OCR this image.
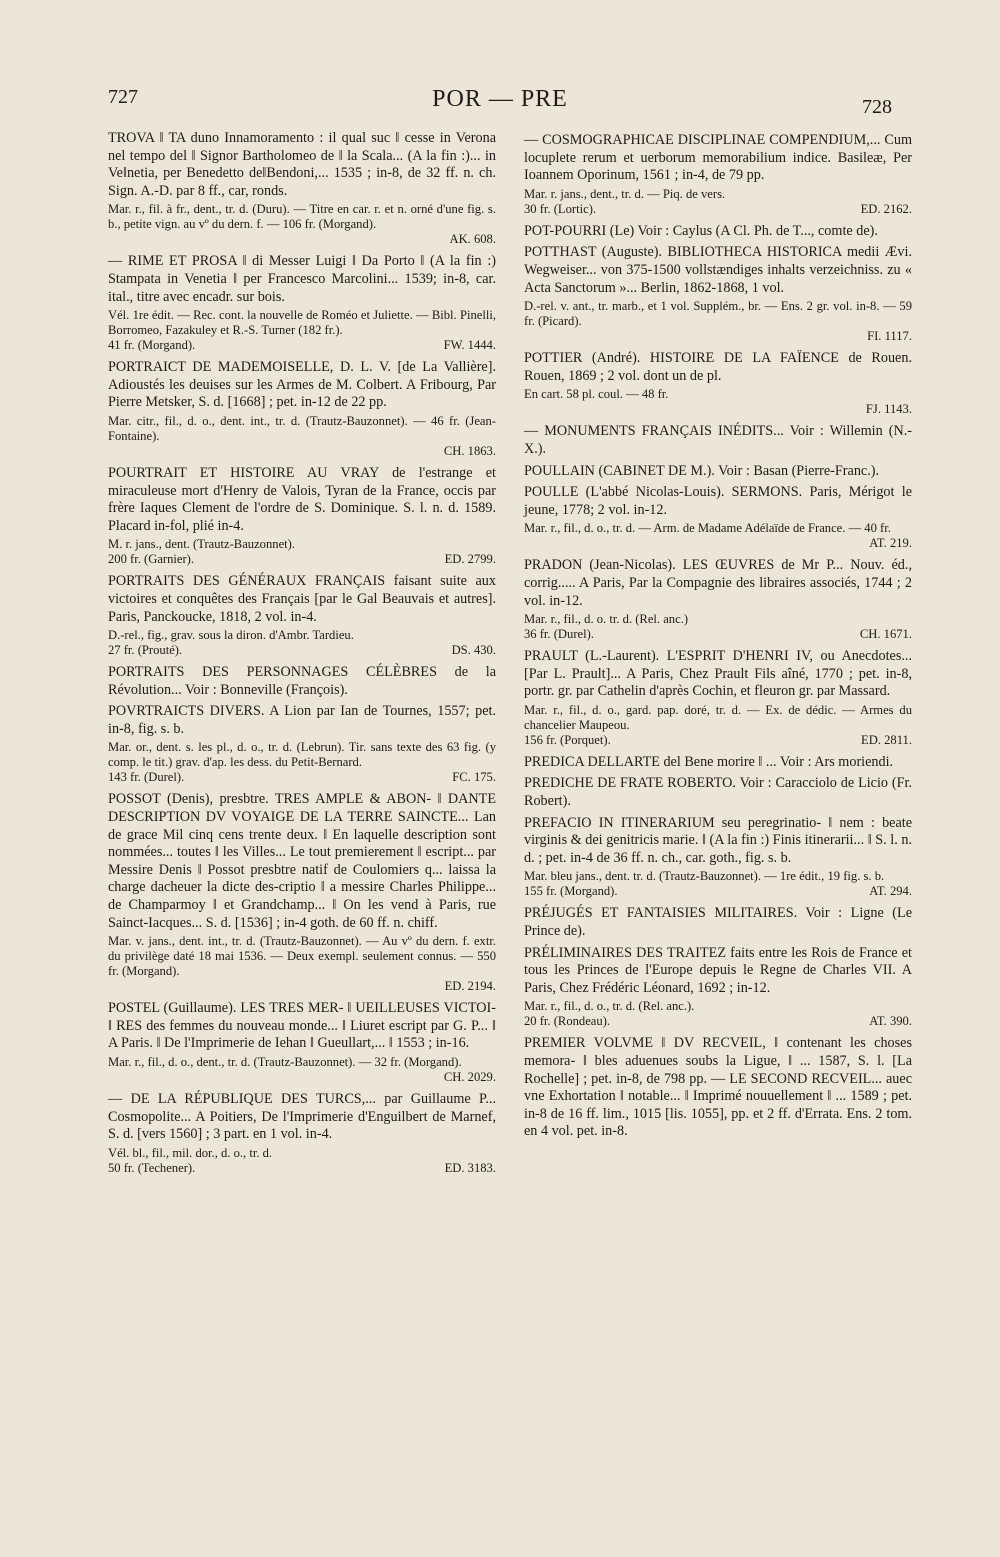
727	POR — PRE	728

TROVA ‖ TA duno Innamoramento : il qual suc ‖ cesse in Verona nel tempo del ‖ Signor Bartholomeo de ‖ la Scala... (A la fin :)... in Ve‖netia, per Benedetto de‖Bendoni,... 1535 ; in-8, de 32 ff. n. ch. Sign. A.-D. par 8 ff., car, ronds.

Mar. r., fil. à fr., dent., tr. d. (Duru). — Titre en car. r. et n. orné d'une fig. s. b., petite vign. au vº du dern. f. — 106 fr. (Morgand).

AK. 608.

— RIME ET PROSA ‖ di Messer Luigi ‖ Da Porto ‖ (A la fin :) Stampata in Venetia ‖ per Francesco Marcolini... 1539; in-8, car. ital., titre avec encadr. sur bois.

Vél. 1re édit. — Rec. cont. la nouvelle de Roméo et Juliette. — Bibl. Pinelli, Borromeo, Fazakuley et R.-S. Turner (182 fr.).

41 fr. (Morgand).	FW. 1444.

PORTRAICT DE MADEMOISELLE, D. L. V. [de La Vallière]. Adioustés les deuises sur les Armes de M. Colbert. A Fribourg, Par Pierre Metsker, S. d. [1668] ; pet. in-12 de 22 pp.

Mar. citr., fil., d. o., dent. int., tr. d. (Trautz-Bauzonnet). — 46 fr. (Jean-Fontaine).

CH. 1863.

POURTRAIT ET HISTOIRE AU VRAY de l'estrange et miraculeuse mort d'Henry de Valois, Tyran de la France, occis par frère Iaques Clement de l'ordre de S. Dominique. S. l. n. d. 1589. Placard in-fol, plié in-4.

M. r. jans., dent. (Trautz-Bauzonnet).

200 fr. (Garnier).	ED. 2799.

PORTRAITS DES GÉNÉRAUX FRANÇAIS faisant suite aux victoires et conquêtes des Français [par le Gal Beauvais et autres]. Paris, Panckoucke, 1818, 2 vol. in-4.

D.-rel., fig., grav. sous la diron. d'Ambr. Tardieu.

27 fr. (Prouté).	DS. 430.

PORTRAITS DES PERSONNAGES CÉLÈBRES de la Révolution... Voir : Bonneville (François).

POVRTRAICTS DIVERS. A Lion par Ian de Tournes, 1557; pet. in-8, fig. s. b.

Mar. or., dent. s. les pl., d. o., tr. d. (Lebrun). Tir. sans texte des 63 fig. (y comp. le tit.) grav. d'ap. les dess. du Petit-Bernard.

143 fr. (Durel).	FC. 175.

POSSOT (Denis), presbtre. TRES AMPLE & ABON- ‖ DANTE DESCRIPTION DV VOYAIGE DE LA TERRE SAINCTE... Lan de grace Mil cinq cens trente deux. ‖ En laquelle description sont nommées... toutes ‖ les Villes... Le tout premierement ‖ escript... par Messire Denis ‖ Possot presbtre natif de Coulomiers q... laissa la charge dacheuer la dicte des-criptio ‖ a messire Charles Philippe... de Champarmoy ‖ et Grandchamp... ‖ On les vend à Paris, rue Sainct-Iacques... S. d. [1536] ; in-4 goth. de 60 ff. n. chiff.

Mar. v. jans., dent. int., tr. d. (Trautz-Bauzonnet). — Au vº du dern. f. extr. du privilège daté 18 mai 1536. — Deux exempl. seulement connus. — 550 fr. (Morgand).

ED. 2194.

POSTEL (Guillaume). LES TRES MER- ‖ UEILLEUSES VICTOI- ‖ RES des femmes du nouveau monde... ‖ Liuret escript par G. P... ‖ A Paris. ‖ De l'Imprimerie de Iehan ‖ Gueullart,... ‖ 1553 ; in-16.

Mar. r., fil., d. o., dent., tr. d. (Trautz-Bauzonnet). — 32 fr. (Morgand).

CH. 2029.

— DE LA RÉPUBLIQUE DES TURCS,... par Guillaume P... Cosmopolite... A Poitiers, De l'Imprimerie d'Enguilbert de Marnef, S. d. [vers 1560] ; 3 part. en 1 vol. in-4.

Vél. bl., fil., mil. dor., d. o., tr. d.

50 fr. (Techener).	ED. 3183.

— COSMOGRAPHICAE DISCIPLINAE COMPENDIUM,... Cum locuplete rerum et uerborum memorabilium indice. Basileæ, Per Ioannem Oporinum, 1561 ; in-4, de 79 pp.

Mar. r. jans., dent., tr. d. — Piq. de vers.

30 fr. (Lortic).	ED. 2162.

POT-POURRI (Le) Voir : Caylus (A Cl. Ph. de T..., comte de).

POTTHAST (Auguste). BIBLIOTHECA HISTORICA medii Ævi. Wegweiser... von 375-1500 vollstændiges inhalts verzeichniss. zu « Acta Sanctorum »... Berlin, 1862-1868, 1 vol.

D.-rel. v. ant., tr. marb., et 1 vol. Supplém., br. — Ens. 2 gr. vol. in-8. — 59 fr. (Picard).

FI. 1117.

POTTIER (André). HISTOIRE DE LA FAÏENCE de Rouen. Rouen, 1869 ; 2 vol. dont un de pl.

En cart. 58 pl. coul. — 48 fr.

FJ. 1143.

— MONUMENTS FRANÇAIS INÉDITS... Voir : Willemin (N.-X.).

POULLAIN (CABINET DE M.). Voir : Basan (Pierre-Franc.).

POULLE (L'abbé Nicolas-Louis). SERMONS. Paris, Mérigot le jeune, 1778; 2 vol. in-12.

Mar. r., fil., d. o., tr. d. — Arm. de Madame Adélaïde de France. — 40 fr.

AT. 219.

PRADON (Jean-Nicolas). LES ŒUVRES de Mr P... Nouv. éd., corrig..... A Paris, Par la Compagnie des libraires associés, 1744 ; 2 vol. in-12.

Mar. r., fil., d. o. tr. d. (Rel. anc.)

36 fr. (Durel).	CH. 1671.

PRAULT (L.-Laurent). L'ESPRIT D'HENRI IV, ou Anecdotes... [Par L. Prault]... A Paris, Chez Prault Fils aîné, 1770 ; pet. in-8, portr. gr. par Cathelin d'après Cochin, et fleuron gr. par Massard.

Mar. r., fil., d. o., gard. pap. doré, tr. d. — Ex. de dédic. — Armes du chancelier Maupeou.

156 fr. (Porquet).	ED. 2811.

PREDICA DELLARTE del Bene morire ‖ ... Voir : Ars moriendi.

PREDICHE DE FRATE ROBERTO. Voir : Caracciolo de Licio (Fr. Robert).

PREFACIO IN ITINERARIUM seu peregrinatio- ‖ nem : beate virginis & dei genitricis marie. ‖ (A la fin :) Finis itinerarii... ‖ S. l. n. d. ; pet. in-4 de 36 ff. n. ch., car. goth., fig. s. b.

Mar. bleu jans., dent. tr. d. (Trautz-Bauzonnet). — 1re édit., 19 fig. s. b.

155 fr. (Morgand).	AT. 294.

PRÉJUGÉS ET FANTAISIES MILITAIRES. Voir : Ligne (Le Prince de).

PRÉLIMINAIRES DES TRAITEZ faits entre les Rois de France et tous les Princes de l'Europe depuis le Regne de Charles VII. A Paris, Chez Frédéric Léonard, 1692 ; in-12.

Mar. r., fil., d. o., tr. d. (Rel. anc.).

20 fr. (Rondeau).	AT. 390.

PREMIER VOLVME ‖ DV RECVEIL, ‖ contenant les choses memora- ‖ bles aduenues soubs la Ligue, ‖ ... 1587, S. l. [La Rochelle] ; pet. in-8, de 798 pp. — LE SECOND RECVEIL... auec vne Exhortation ‖ notable... ‖ Imprimé nouuellement ‖ ... 1589 ; pet. in-8 de 16 ff. lim., 1015 [lis. 1055], pp. et 2 ff. d'Errata. Ens. 2 tom. en 4 vol. pet. in-8.
